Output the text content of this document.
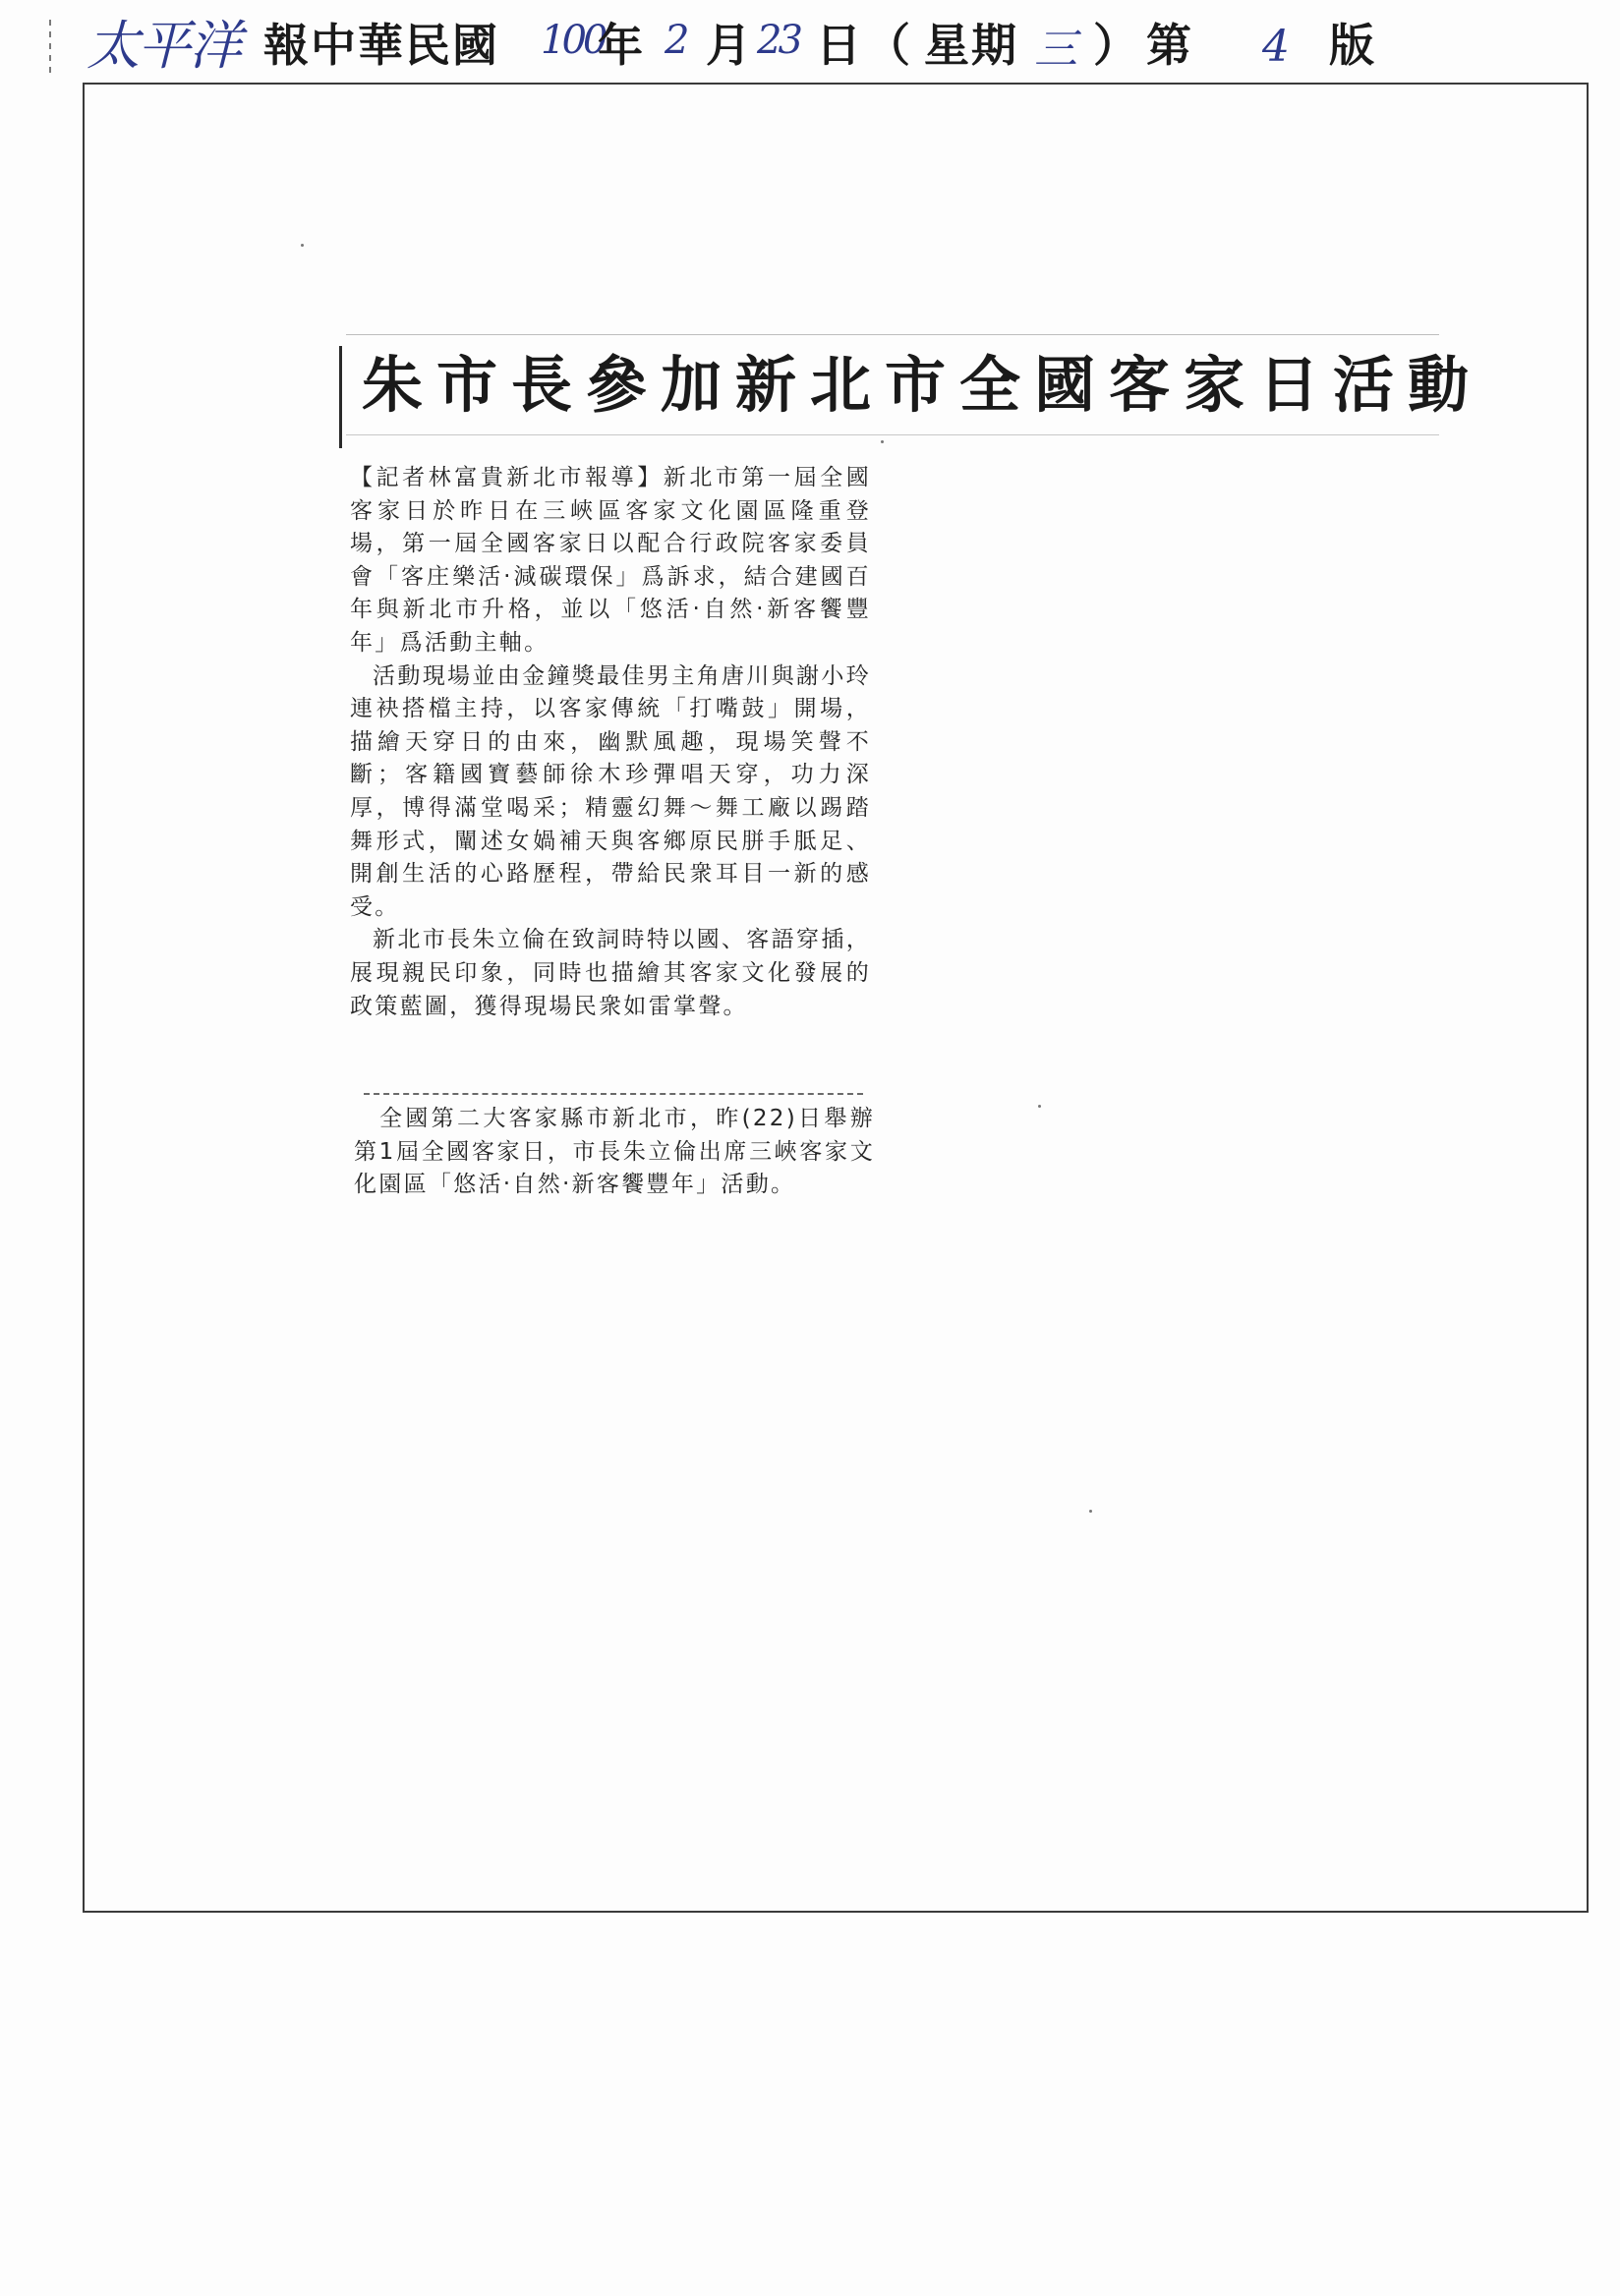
太平洋 報中華民國 100
年 2 月 23 日 （ 星期 三 ） 第 4 版
朱市長參加新北市全國客家日活動

【記者林富貴新北市報導】新北市第一屆全國客家日於昨日在三峽區客家文化園區隆重登場，第一屆全國客家日以配合行政院客家委員會「客庄樂活‧減碳環保」爲訴求，結合建國百年與新北市升格，並以「悠活‧自然‧新客饗豐年」爲活動主軸。

活動現場並由金鐘獎最佳男主角唐川與謝小玲連袂搭檔主持，以客家傳統「打嘴鼓」開場，描繪天穿日的由來，幽默風趣，現場笑聲不斷；客籍國寶藝師徐木珍彈唱天穿，功力深厚，博得滿堂喝采；精靈幻舞～舞工廠以踢踏舞形式，闡述女媧補天與客鄉原民胼手胝足、開創生活的心路歷程，帶給民衆耳目一新的感受。

新北市長朱立倫在致詞時特以國、客語穿插，展現親民印象，同時也描繪其客家文化發展的政策藍圖，獲得現場民衆如雷掌聲。

全國第二大客家縣市新北市，昨(22)日舉辦第1屆全國客家日，市長朱立倫出席三峽客家文化園區「悠活‧自然‧新客饗豐年」活動。
